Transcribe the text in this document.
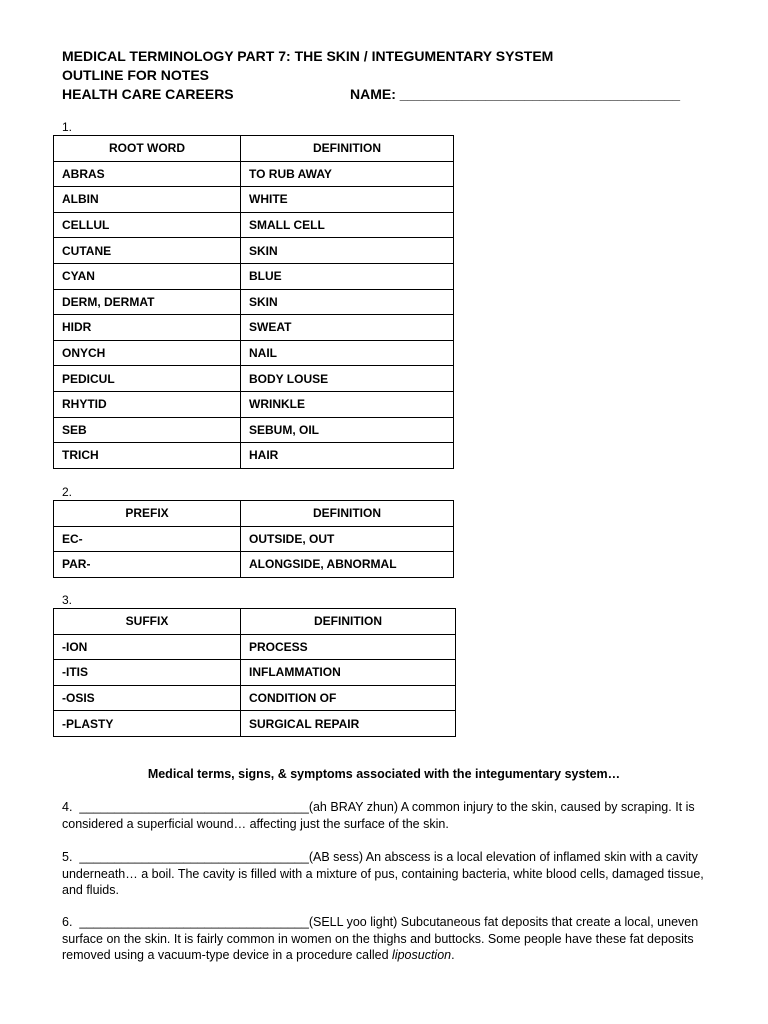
MEDICAL TERMINOLOGY PART 7: THE SKIN / INTEGUMENTARY SYSTEM
OUTLINE FOR NOTES
HEALTH CARE CAREERS	NAME: ____________________________________
1.
ROOT WORD	DEFINITION
ABRAS	TO RUB AWAY
ALBIN	WHITE
CELLUL	SMALL CELL
CUTANE	SKIN
CYAN	BLUE
DERM, DERMAT	SKIN
HIDR	SWEAT
ONYCH	NAIL
PEDICUL	BODY LOUSE
RHYTID	WRINKLE
SEB	SEBUM, OIL
TRICH	HAIR
2.
PREFIX	DEFINITION
EC-	OUTSIDE, OUT
PAR-	ALONGSIDE, ABNORMAL
3.
SUFFIX	DEFINITION
-ION	PROCESS
-ITIS	INFLAMMATION
-OSIS	CONDITION OF
-PLASTY	SURGICAL REPAIR
Medical terms, signs, & symptoms associated with the integumentary system…
4. _________________________________(ah BRAY zhun) A common injury to the skin, caused by scraping. It is considered a superficial wound… affecting just the surface of the skin.
5. _________________________________(AB sess) An abscess is a local elevation of inflamed skin with a cavity underneath… a boil. The cavity is filled with a mixture of pus, containing bacteria, white blood cells, damaged tissue, and fluids.
6. _________________________________(SELL yoo light) Subcutaneous fat deposits that create a local, uneven surface on the skin. It is fairly common in women on the thighs and buttocks. Some people have these fat deposits removed using a vacuum-type device in a procedure called liposuction.
